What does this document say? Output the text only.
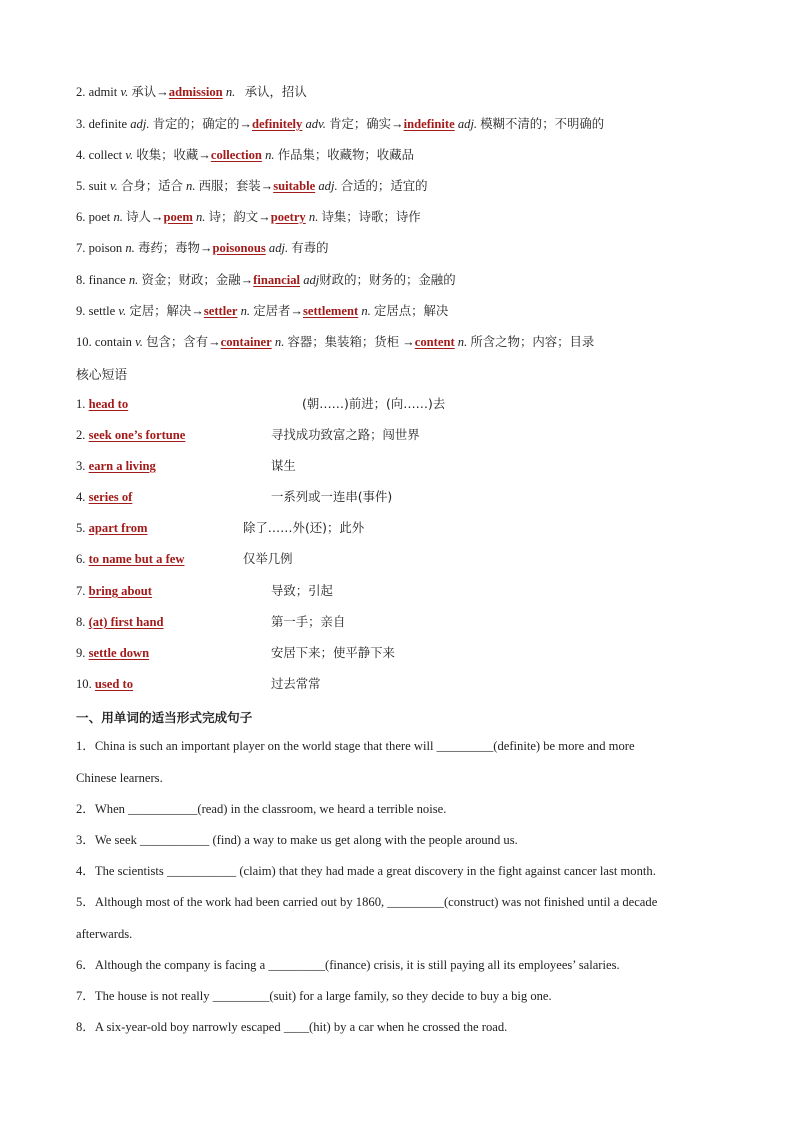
2. admit v. 承认→admission n. 承认，招认
3. definite adj. 肯定的；确定的→definitely adv. 肯定；确实→indefinite adj. 模糊不清的；不明确的
4. collect v. 收集；收藏→collection n. 作品集；收藏物；收藏品
5. suit v. 合身；适合 n. 西服；套装→suitable adj. 合适的；适宜的
6. poet n. 诗人→poem n. 诗；韵文→poetry n. 诗集；诗歌；诗作
7. poison n. 毒药；毒物→poisonous adj. 有毒的
8. finance n. 资金；财政；金融→financial adj财政的；财务的；金融的
9. settle v. 定居；解决→settler n. 定居者→settlement n. 定居点；解决
10. contain v. 包含；含有→container n. 容器；集装箱；货柜 →content n. 所含之物；内容；目录
核心短语
1. head to	(朝……)前进；(向……)去
2. seek one’s fortune	寻找成功致富之路；闯世界
3. earn a living	谋生
4. series of	一系列或一连串(事件)
5. apart from	除了……外(还)；此外
6. to name but a few	仅举几例
7. bring about	导致；引起
8. (at) first hand	第一手；亲自
9. settle down	安居下来；使平静下来
10. used to	过去常常
一、用单词的适当形式完成句子
1．China is such an important player on the world stage that there will _________(definite) be more and more
Chinese learners.
2．When ___________(read) in the classroom, we heard a terrible noise.
3．We seek ___________ (find) a way to make us get along with the people around us.
4．The scientists ___________ (claim) that they had made a great discovery in the fight against cancer last month.
5．Although most of the work had been carried out by 1860, _________(construct) was not finished until a decade
afterwards.
6．Although the company is facing a _________(finance) crisis, it is still paying all its employees’ salaries.
7．The house is not really _________(suit) for a large family, so they decide to buy a big one.
8．A six-year-old boy narrowly escaped ____(hit) by a car when he crossed the road.
